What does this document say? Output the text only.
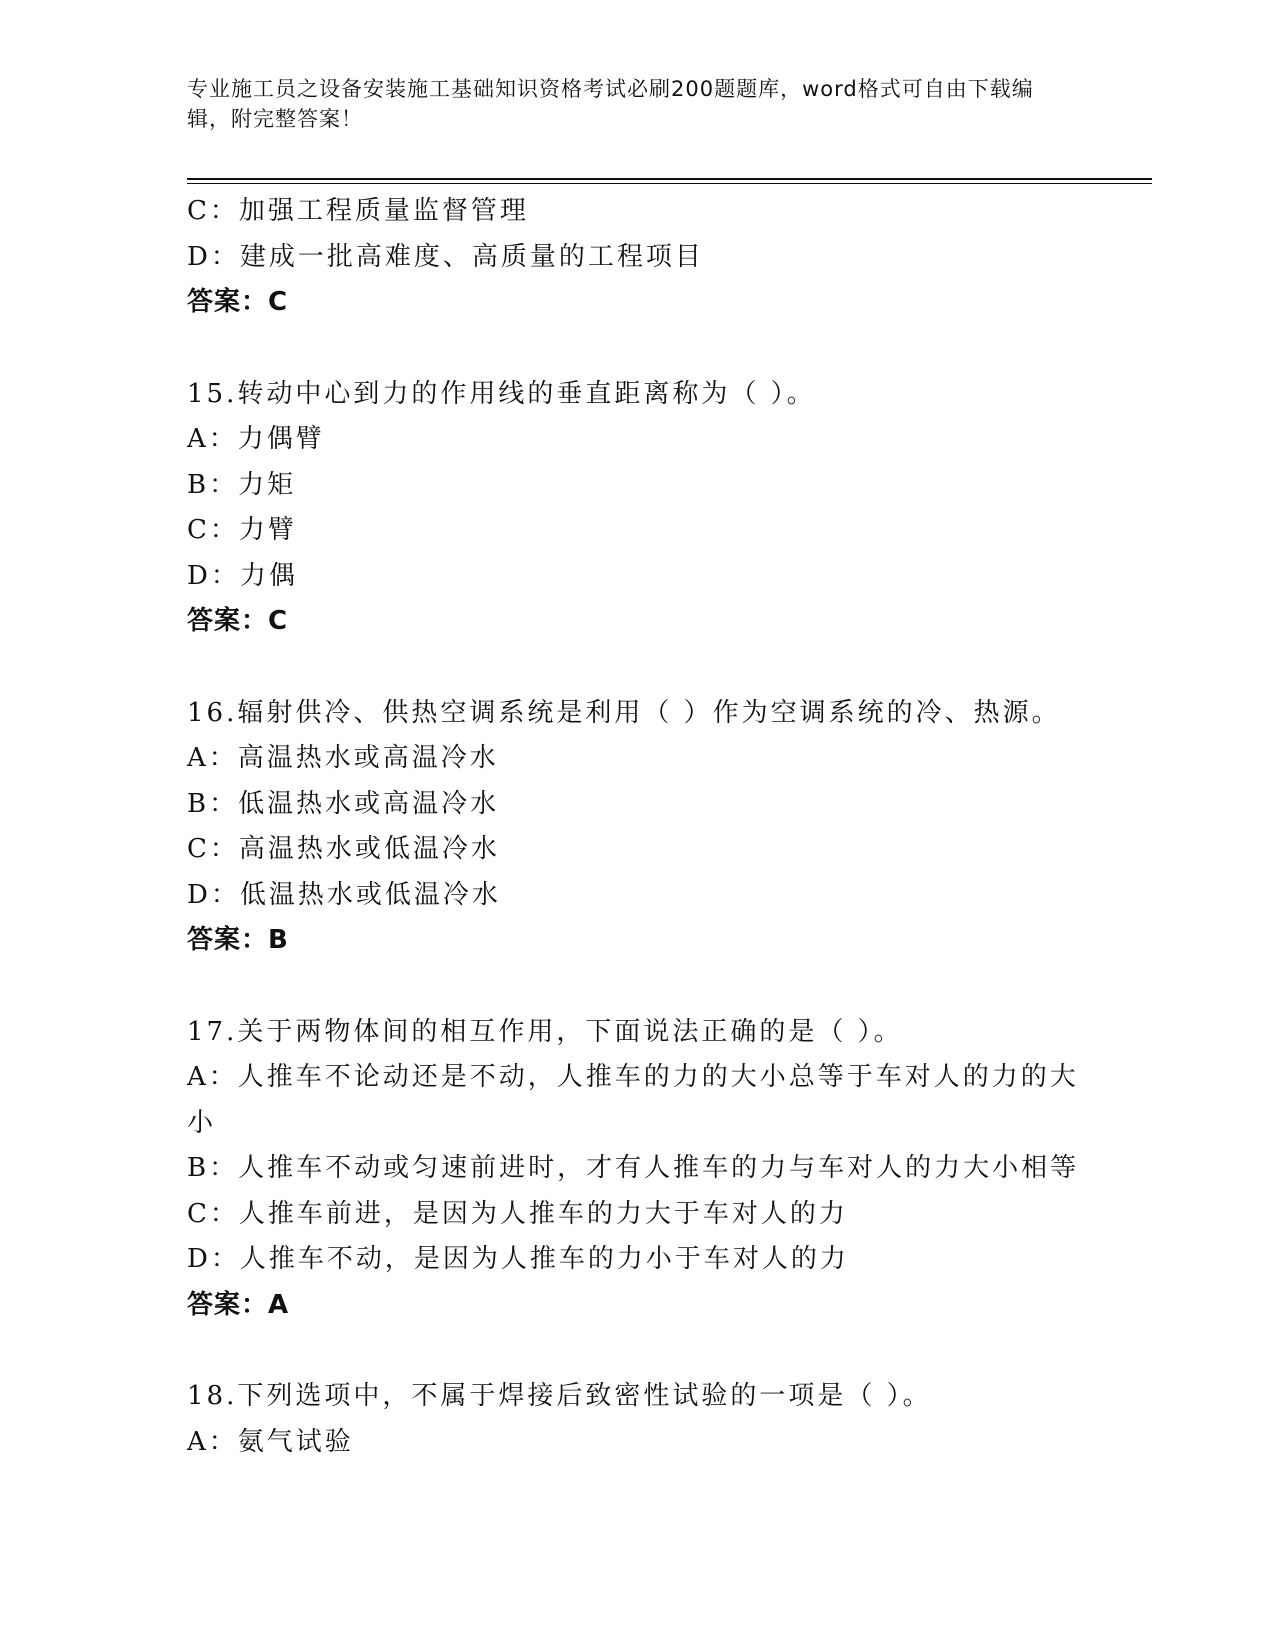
专业施工员之设备安装施工基础知识资格考试必刷200题题库，word格式可自由下载编辑，附完整答案！
C：加强工程质量监督管理
D：建成一批高难度、高质量的工程项目
答案：C
15.转动中心到力的作用线的垂直距离称为（ ）。
A：力偶臂
B：力矩
C：力臂
D：力偶
答案：C
16.辐射供冷、供热空调系统是利用（ ）作为空调系统的冷、热源。
A：高温热水或高温冷水
B：低温热水或高温冷水
C：高温热水或低温冷水
D：低温热水或低温冷水
答案：B
17.关于两物体间的相互作用，下面说法正确的是（ ）。
A：人推车不论动还是不动，人推车的力的大小总等于车对人的力的大小
B：人推车不动或匀速前进时，才有人推车的力与车对人的力大小相等
C：人推车前进，是因为人推车的力大于车对人的力
D：人推车不动，是因为人推车的力小于车对人的力
答案：A
18.下列选项中，不属于焊接后致密性试验的一项是（ ）。
A：氨气试验
